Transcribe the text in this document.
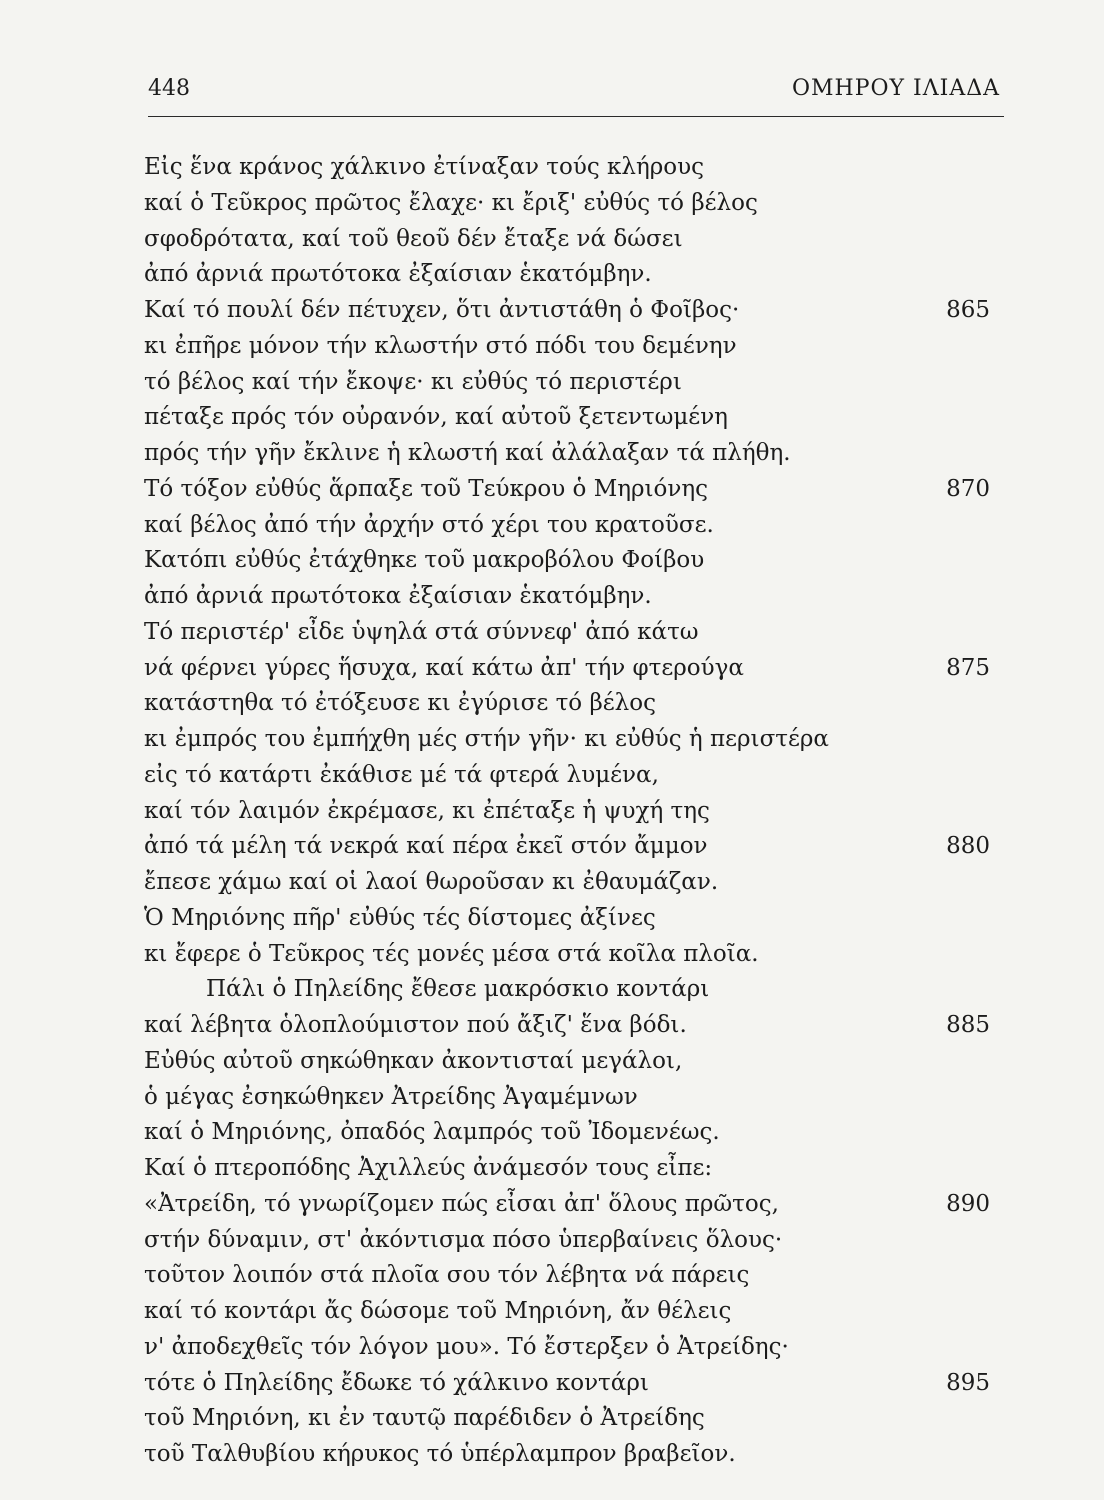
448	ΟΜΗΡΟΥ ΙΛΙΑΔΑ
Εἰς ἕνα κράνος χάλκινο ἐτίναξαν τούς κλήρους
καί ὁ Τεῦκρος πρῶτος ἔλαχε· κι ἔριξ' εὐθύς τό βέλος
σφοδρότατα, καί τοῦ θεοῦ δέν ἔταξε νά δώσει
ἀπό ἀρνιά πρωτότοκα ἐξαίσιαν ἑκατόμβην.
Καί τό πουλί δέν πέτυχεν, ὅτι ἀντιστάθη ὁ Φοῖβος·	865
κι ἐπῆρε μόνον τήν κλωστήν στό πόδι του δεμένην
τό βέλος καί τήν ἔκοψε· κι εὐθύς τό περιστέρι
πέταξε πρός τόν οὐρανόν, καί αὐτοῦ ξετεντωμένη
πρός τήν γῆν ἔκλινε ἡ κλωστή καί ἀλάλαξαν τά πλήθη.
Τό τόξον εὐθύς ἅρπαξε τοῦ Τεύκρου ὁ Μηριόνης	870
καί βέλος ἀπό τήν ἀρχήν στό χέρι του κρατοῦσε.
Κατόπι εὐθύς ἐτάχθηκε τοῦ μακροβόλου Φοίβου
ἀπό ἀρνιά πρωτότοκα ἐξαίσιαν ἑκατόμβην.
Τό περιστέρ' εἶδε ὑψηλά στά σύννεφ' ἀπό κάτω
νά φέρνει γύρες ἥσυχα, καί κάτω ἀπ' τήν φτερούγα	875
κατάστηθα τό ἐτόξευσε κι ἐγύρισε τό βέλος
κι ἐμπρός του ἐμπήχθη μές στήν γῆν· κι εὐθύς ἡ περιστέρα
εἰς τό κατάρτι ἐκάθισε μέ τά φτερά λυμένα,
καί τόν λαιμόν ἐκρέμασε, κι ἐπέταξε ἡ ψυχή της
ἀπό τά μέλη τά νεκρά καί πέρα ἐκεῖ στόν ἄμμον	880
ἔπεσε χάμω καί οἱ λαοί θωροῦσαν κι ἐθαυμάζαν.
Ὁ Μηριόνης πῆρ' εὐθύς τές δίστομες ἀξίνες
κι ἔφερε ὁ Τεῦκρος τές μονές μέσα στά κοῖλα πλοῖα.
Πάλι ὁ Πηλείδης ἔθεσε μακρόσκιο κοντάρι
καί λέβητα ὁλοπλούμιστον πού ἄξιζ' ἕνα βόδι.	885
Εὐθύς αὐτοῦ σηκώθηκαν ἀκοντισταί μεγάλοι,
ὁ μέγας ἐσηκώθηκεν Ἀτρείδης Ἀγαμέμνων
καί ὁ Μηριόνης, ὀπαδός λαμπρός τοῦ Ἰδομενέως.
Καί ὁ πτεροπόδης Ἀχιλλεύς ἀνάμεσόν τους εἶπε:
«Ἀτρείδη, τό γνωρίζομεν πώς εἶσαι ἀπ' ὅλους πρῶτος,	890
στήν δύναμιν, στ' ἀκόντισμα πόσο ὑπερβαίνεις ὅλους·
τοῦτον λοιπόν στά πλοῖα σου τόν λέβητα νά πάρεις
καί τό κοντάρι ἄς δώσομε τοῦ Μηριόνη, ἄν θέλεις
ν' ἀποδεχθεῖς τόν λόγον μου». Τό ἔστερξεν ὁ Ἀτρείδης·
τότε ὁ Πηλείδης ἔδωκε τό χάλκινο κοντάρι	895
τοῦ Μηριόνη, κι ἐν ταυτῷ παρέδιδεν ὁ Ἀτρείδης
τοῦ Ταλθυβίου κήρυκος τό ὑπέρλαμπρον βραβεῖον.
